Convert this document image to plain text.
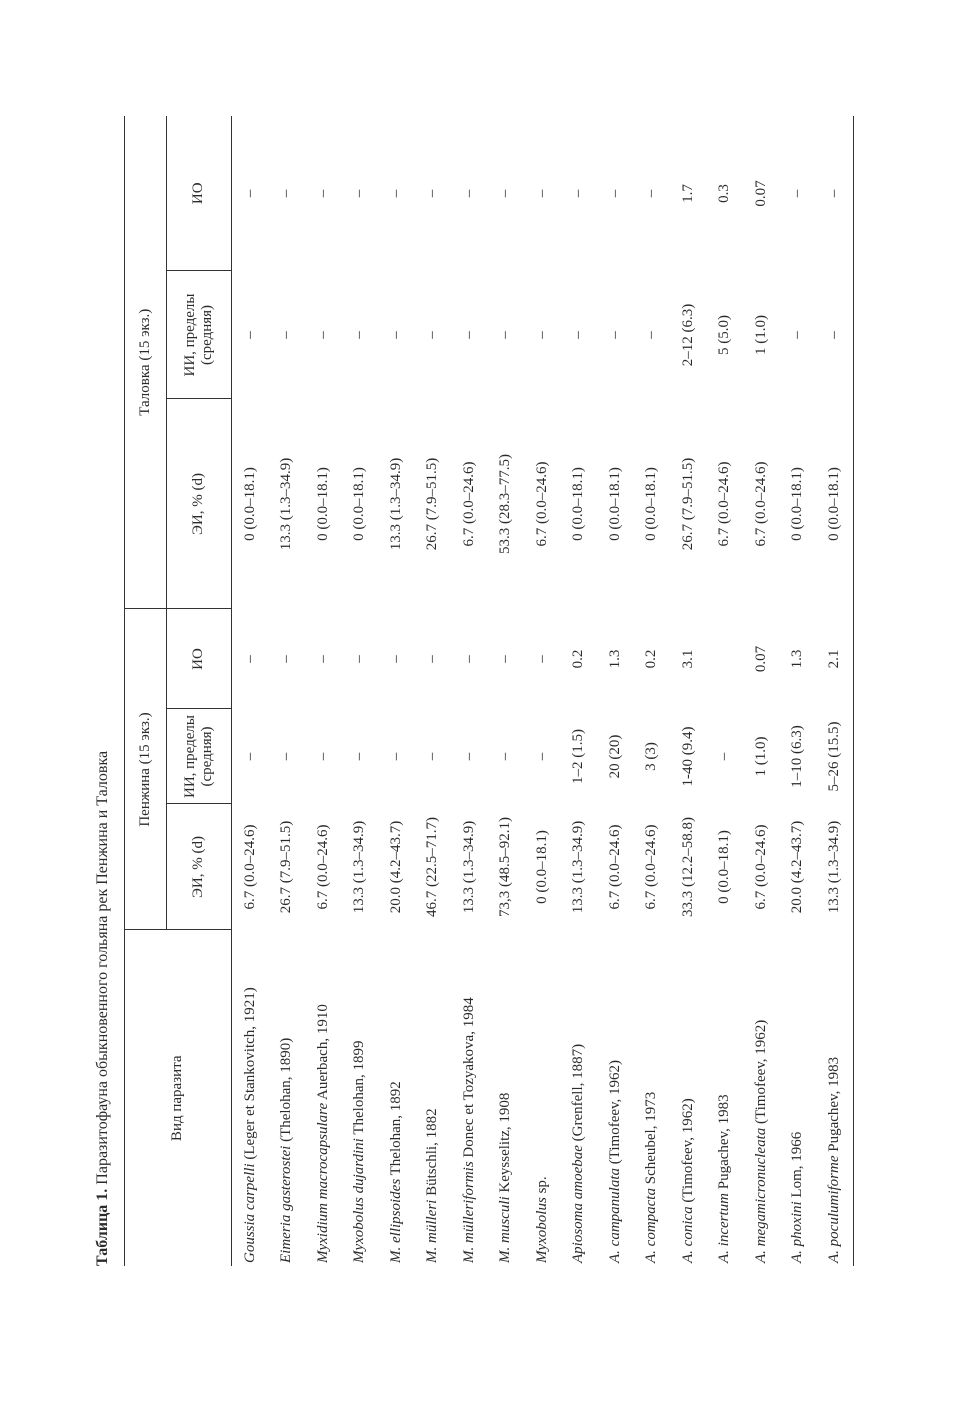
Таблица 1. Паразитофауна обыкновенного гольяна рек Пенжина и Таловка	Вид паразита	Пенжина (15 экз.)			Таловка (15 экз.)		
	ЭИ, % (d)	ИИ, пределы
(средняя)	ИО	ЭИ, % (d)	ИИ, пределы
(средняя)	ИО
Goussia carpelli (Leger et Stankovitch, 1921)	6.7 (0.0–24.6)	–	–	0 (0.0–18.1)	–	–
Eimeria gasterostei (Thelohan, 1890)	26.7 (7.9–51.5)	–	–	13.3 (1.3–34.9)	–	–
Myxidium macrocapsulare Auerbach, 1910	6.7 (0.0–24.6)	–	–	0 (0.0–18.1)	–	–
Myxobolus dujardini Thelohan, 1899	13.3 (1.3–34.9)	–	–	0 (0.0–18.1)	–	–
M. ellipsoides Thelohan, 1892	20.0 (4.2–43.7)	–	–	13.3 (1.3–34.9)	–	–
M. mülleri Bütschli, 1882	46.7 (22.5–71.7)	–	–	26.7 (7.9–51.5)	–	–
M. mülleriformis Donec et Tozyakova, 1984	13.3 (1.3–34.9)	–	–	6.7 (0.0–24.6)	–	–
M. musculi Keysselitz, 1908	73,3 (48.5–92.1)	–	–	53.3 (28.3–77.5)	–	–
Myxobolus sp.	0 (0.0–18.1)	–	–	6.7 (0.0–24.6)	–	–
Apiosoma amoebae (Grenfell, 1887)	13.3 (1.3–34.9)	1–2 (1.5)	0.2	0 (0.0–18.1)	–	–
A. campanulata (Timofeev, 1962)	6.7 (0.0–24.6)	20 (20)	1.3	0 (0.0–18.1)	–	–
A. compacta Scheubel, 1973	6.7 (0.0–24.6)	3 (3)	0.2	0 (0.0–18.1)	–	–
A. conica (Timofeev, 1962)	33.3 (12.2–58.8)	1-40 (9.4)	3.1	26.7 (7.9–51.5)	2–12 (6.3)	1.7
A. incertum Pugachev, 1983	0 (0.0–18.1)	–		6.7 (0.0–24.6)	5 (5.0)	0.3
A. megamicronucleata (Timofeev, 1962)	6.7 (0.0–24.6)	1 (1.0)	0.07	6.7 (0.0–24.6)	1 (1.0)	0.07
A. phoxini Lom, 1966	20.0 (4.2–43.7)	1–10 (6.3)	1.3	0 (0.0–18.1)	–	–
A. poculumiforme Pugachev, 1983	13.3 (1.3–34.9)	5–26 (15.5)	2.1	0 (0.0–18.1)	–	–
